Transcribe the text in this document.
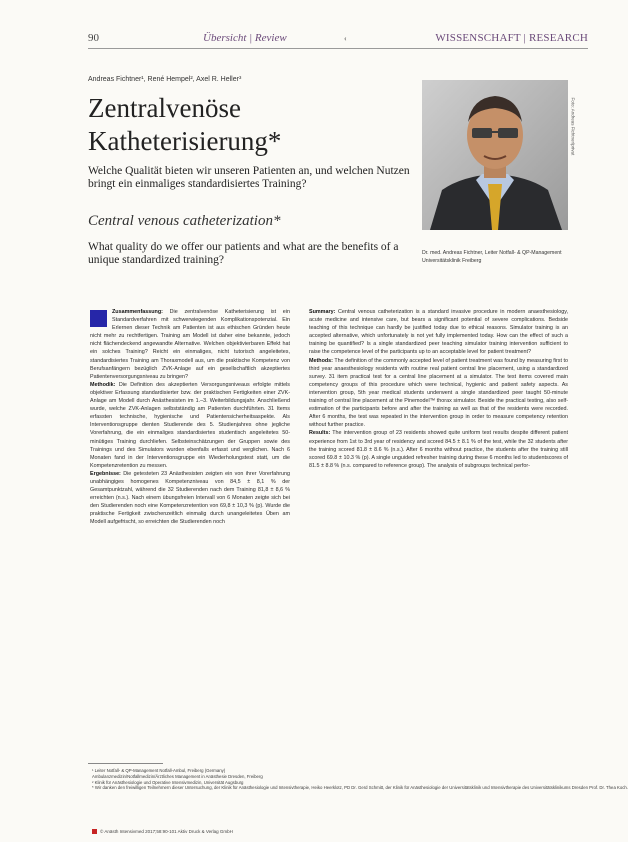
90	Übersicht | Review	‹	WISSENSCHAFT | RESEARCH
Andreas Fichtner¹, René Hempel², Axel R. Heller³
Zentralvenöse Katheterisierung*
Welche Qualität bieten wir unseren Patienten an, und welchen Nutzen bringt ein einmaliges standardisiertes Training?
Central venous catheterization*
What quality do we offer our patients and what are the benefits of a unique standardized training?
Foto: Andreas Fichtner/privat
Dr. med. Andreas Fichtner, Leiter Notfall- & QP-Management Universitätsklinik Freiberg

Zusammenfassung: Die zentralvenöse Katheterisierung ist ein Standardverfahren mit schwerwiegenden Komplikationspotenzial. Ein Erlernen dieser Technik am Patienten ist aus ethischen Gründen heute nicht mehr zu rechtfertigen. Training am Modell ist daher eine bekannte, jedoch nicht flächendeckend angewandte Alternative. Welchen objektivierbaren Effekt hat ein solches Training? Reicht ein einmaliges, nicht tutorisch angeleitetes, standardisiertes Training am Thoraxmodell aus, um die praktische Kompetenz von Berufsanfängern bezüglich ZVK-Anlage auf ein gesellschaftlich akzeptiertes Patientenversorgungsniveau zu bringen?

Methodik: Die Definition des akzeptierten Versorgungsniveaus erfolgte mittels objektiver Erfassung standardisierter bzw. der praktischen Fertigkeiten einer ZVK-Anlage am Modell durch Anästhesisten im 1.–3. Weiterbildungsjahr. Anschließend wurde, welche ZVK-Anlagen selbstständig am Patienten durchführten. 31 Items erfassten technische, hygienische und Patientensicherheitsaspekte. Als Interventionsgruppe dienten Studierende des 5. Studienjahres ohne jegliche Vorerfahrung, die ein einmaliges standardisiertes studentisch angeleitetes 50-minütiges Training durchliefen. Selbsteinschätzungen der Gruppen sowie des Trainings und des Simulators wurden ebenfalls erfasst und verglichen. Nach 6 Monaten fand in der Interventionsgruppe ein Wiederholungstest statt, um die Kompetenzretention zu messen.

Ergebnisse: Die getesteten 23 Anästhesisten zeigten ein von ihrer Vorerfahrung unabhängiges homogenes Kompetenzniveau von 84,5 ± 8,1 % der Gesamtpunktzahl, während die 32 Studierenden nach dem Training 81,8 ± 8,6 % erreichten (n.s.). Nach einem übungsfreien Intervall von 6 Monaten zeigte sich bei den Studierenden noch eine Kompetenzretention von 69,8 ± 10,3 % (p). Wurde die praktische Fertigkeit zwischenzeitlich einmalig durch unangeleitetes Üben am Modell aufgefrischt, so erreichten die Studierenden noch

Summary: Central venous catheterization is a standard invasive procedure in modern anaesthesiology, acute medicine and intensive care, but bears a significant potential of severe complications. Bedside teaching of this technique can hardly be justified today due to ethical reasons. Simulator training is an accepted alternative, which unfortunately is not yet fully implemented today. How can the effect of such a training be quantified? Is a single standardized peer teaching simulator training intervention sufficient to raise the competence level of the participants up to an acceptable level for patient treatment?

Methods: The definition of the commonly accepted level of patient treatment was found by measuring first to third year anaesthesiology residents with routine real patient central line placement, using a standardized survey. 31 item practical test for a central line placement at a simulator. The test items covered main competency groups of this procedure which were technical, hygienic and patient safety aspects. As intervention group, 5th year medical students underwent a single standardized peer taught 50-minute training of central line placement at the Pinemodel™ thorax simulator. Beside the practical testing, also self-estimation of the participants before and after the training as well as that of the residents were recorded. After 6 months, the test was repeated in the intervention group in order to measure competency retention without further practice.

Results: The intervention group of 23 residents showed quite uniform test results despite different patient experience from 1st to 3rd year of residency and scored 84.5 ± 8.1 % of the test, while the 32 students after the training scored 81.8 ± 8.6 % (n.s.). After 6 months without practice, the students after the training still scored 69.8 ± 10.3 % (p). A single unguided refresher training during these 6 months led to studentscores of 81.5 ± 8.8 % (n.s. compared to reference group). The analysis of subgroups technical perfor-

¹ Leiter Notfall- & QP-Management Notfall-Ambul, Freiberg (Germany)
Ambulanzmedizin/Notfallmedizin/Ärztliches Management in Anästhesie Dresden, Freiberg
² Klinik für Anästhesiologie und Operative Intensivmedizin, Universität Augsburg
* Wir danken den freiwilligen Teilnehmern dieser Untersuchung, der Klinik für Anästhesiologie und Intensivtherapie, Heiko Heerklotz, PD Dr. Gerd Schmitt, der Klinik für Anästhesiologie der Universitätsklinik und Intensivtherapie des Universitätsklinikums Dresden Prof. Dr. Thea Koch.
© Anästh Intensivmed 2017;58:90-101 Aktiv Druck & Verlag GmbH
